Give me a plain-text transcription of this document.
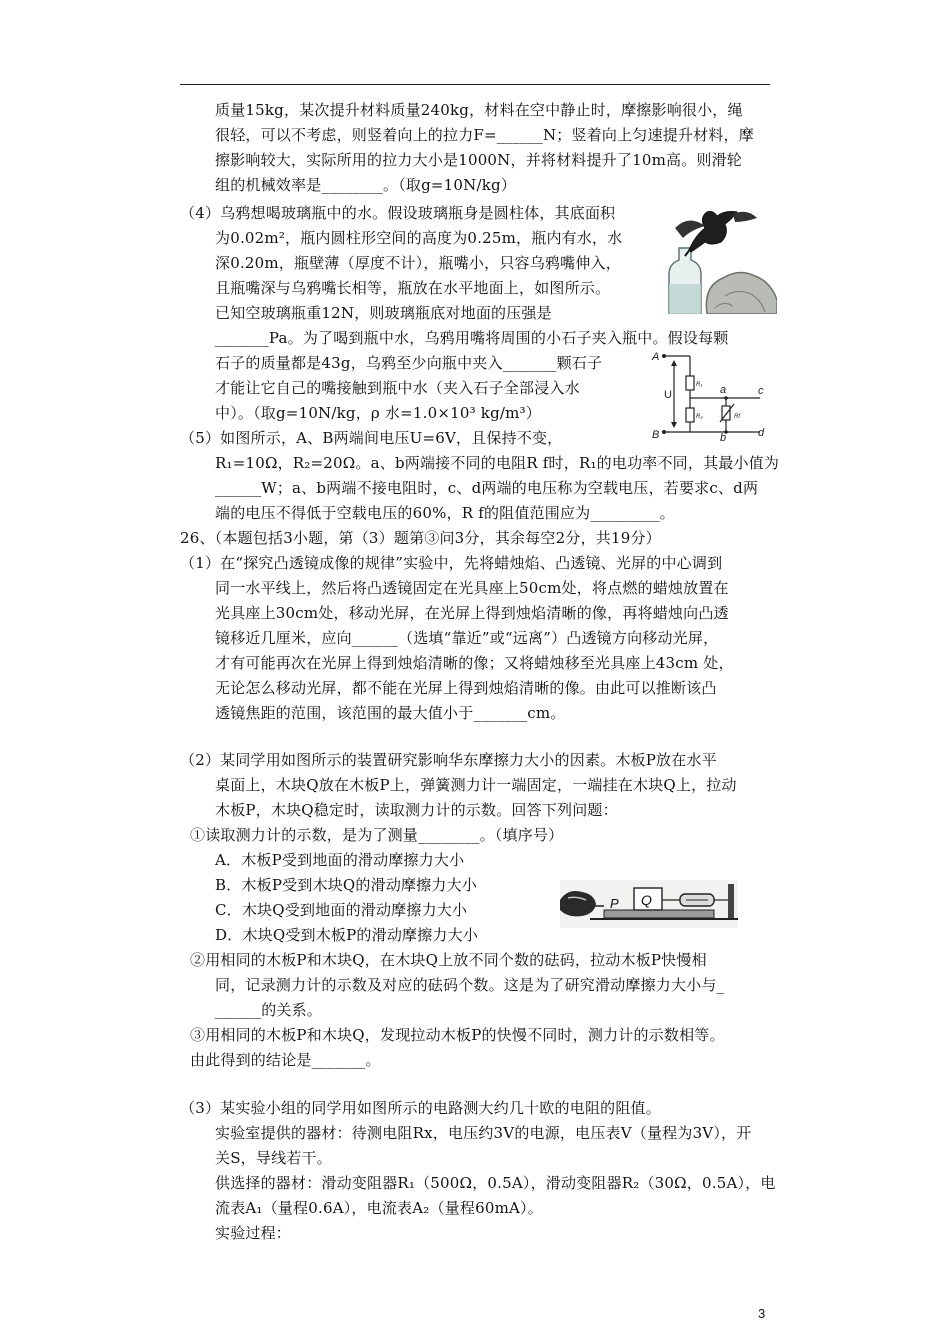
质量15kg，某次提升材料质量240kg，材料在空中静止时，摩擦影响很小，绳
很轻，可以不考虑，则竖着向上的拉力F=______N；竖着向上匀速提升材料，摩
擦影响较大，实际所用的拉力大小是1000N，并将材料提升了10m高。则滑轮
组的机械效率是________。（取g=10N/kg）
（4）乌鸦想喝玻璃瓶中的水。假设玻璃瓶身是圆柱体，其底面积
为0.02m²，瓶内圆柱形空间的高度为0.25m，瓶内有水，水
深0.20m，瓶壁薄（厚度不计），瓶嘴小，只容乌鸦嘴伸入，
且瓶嘴深与乌鸦嘴长相等，瓶放在水平地面上，如图所示。
已知空玻璃瓶重12N，则玻璃瓶底对地面的压强是
_______Pa。为了喝到瓶中水，乌鸦用嘴将周围的小石子夹入瓶中。假设每颗
石子的质量都是43g，乌鸦至少向瓶中夹入_______颗石子
才能让它自己的嘴接触到瓶中水（夹入石子全部浸入水
中）。（取g=10N/kg，ρ 水=1.0×10³ kg/m³）
（5）如图所示，A、B两端间电压U=6V，且保持不变，
R₁=10Ω，R₂=20Ω。a、b两端接不同的电阻R f时，R₁的电功率不同，其最小值为
______W；a、b两端不接电阻时，c、d两端的电压称为空载电压，若要求c、d两
端的电压不得低于空载电压的60%，R f的阻值范围应为_________。
26、（本题包括3小题，第（3）题第③问3分，其余每空2分，共19分）
（1）在“探究凸透镜成像的规律”实验中，先将蜡烛焰、凸透镜、光屏的中心调到
同一水平线上，然后将凸透镜固定在光具座上50cm处，将点燃的蜡烛放置在
光具座上30cm处，移动光屏，在光屏上得到烛焰清晰的像，再将蜡烛向凸透
镜移近几厘米，应向______（选填“靠近”或“远离”）凸透镜方向移动光屏，
才有可能再次在光屏上得到烛焰清晰的像；又将蜡烛移至光具座上43cm 处，
无论怎么移动光屏，都不能在光屏上得到烛焰清晰的像。由此可以推断该凸
透镜焦距的范围，该范围的最大值小于_______cm。
（2）某同学用如图所示的装置研究影响华东摩擦力大小的因素。木板P放在水平
桌面上，木块Q放在木板P上，弹簧测力计一端固定，一端挂在木块Q上，拉动
木板P，木块Q稳定时，读取测力计的示数。回答下列问题：
①读取测力计的示数，是为了测量________。（填序号）
A．木板P受到地面的滑动摩擦力大小
B．木板P受到木块Q的滑动摩擦力大小
C．木块Q受到地面的滑动摩擦力大小
D．木块Q受到木板P的滑动摩擦力大小
②用相同的木板P和木块Q，在木块Q上放不同个数的砝码，拉动木板P快慢相
同，记录测力计的示数及对应的砝码个数。这是为了研究滑动摩擦力大小与_
______的关系。
③用相同的木板P和木块Q，发现拉动木板P的快慢不同时，测力计的示数相等。
由此得到的结论是_______。
（3）某实验小组的同学用如图所示的电路测大约几十欧的电阻的阻值。
实验室提供的器材：待测电阻Rx，电压约3V的电源，电压表V（量程为3V），开
关S，导线若干。
供选择的器材：滑动变阻器R₁（500Ω，0.5A），滑动变阻器R₂（30Ω，0.5A），电
流表A₁（量程0.6A），电流表A₂（量程60mA）。
实验过程：
A
B
U
R₁
R₂	Rf
a
b
c
d
P Q
3
